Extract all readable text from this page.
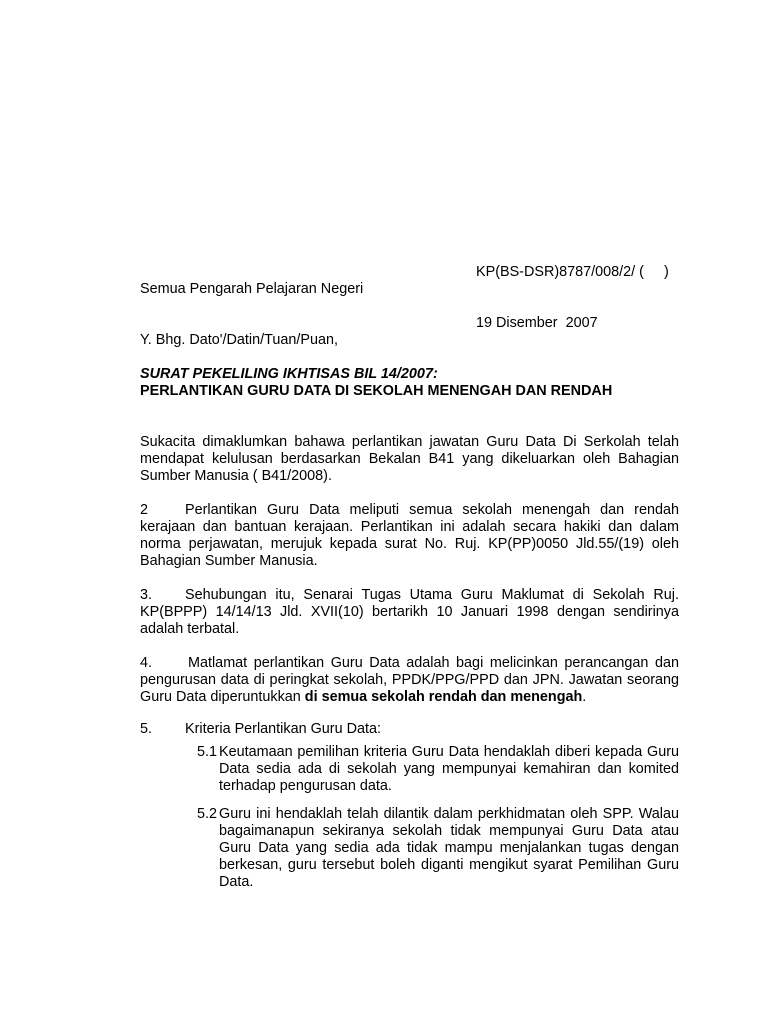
KP(BS-DSR)8787/008/2/ (     )

19 Disember  2007

Semua Pengarah Pelajaran Negeri
Y. Bhg. Dato'/Datin/Tuan/Puan,
SURAT PEKELILING IKHTISAS BIL 14/2007:
PERLANTIKAN GURU DATA DI SEKOLAH MENENGAH DAN RENDAH
Sukacita dimaklumkan bahawa perlantikan jawatan Guru Data Di Serkolah telah mendapat kelulusan berdasarkan Bekalan B41 yang dikeluarkan oleh Bahagian Sumber Manusia ( B41/2008).
2	Perlantikan Guru Data meliputi semua sekolah menengah dan rendah kerajaan dan bantuan kerajaan. Perlantikan ini adalah secara hakiki dan dalam norma perjawatan, merujuk kepada surat No. Ruj. KP(PP)0050 Jld.55/(19) oleh Bahagian Sumber Manusia.
3. Sehubungan itu, Senarai Tugas Utama Guru Maklumat di Sekolah Ruj. KP(BPPP) 14/14/13 Jld. XVII(10) bertarikh 10 Januari 1998 dengan sendirinya adalah terbatal.
4. Matlamat perlantikan Guru Data adalah bagi melicinkan perancangan dan pengurusan data di peringkat sekolah, PPDK/PPG/PPD dan JPN. Jawatan seorang Guru Data diperuntukkan di semua sekolah rendah dan menengah.
5. Kriteria Perlantikan Guru Data:
5.1 Keutamaan pemilihan kriteria Guru Data hendaklah diberi kepada Guru Data sedia ada di sekolah yang mempunyai kemahiran dan komited terhadap pengurusan data.
5.2 Guru ini hendaklah telah dilantik dalam perkhidmatan oleh SPP. Walau bagaimanapun sekiranya sekolah tidak mempunyai Guru Data atau Guru Data yang sedia ada tidak mampu menjalankan tugas dengan berkesan, guru tersebut boleh diganti mengikut syarat Pemilihan Guru Data.
